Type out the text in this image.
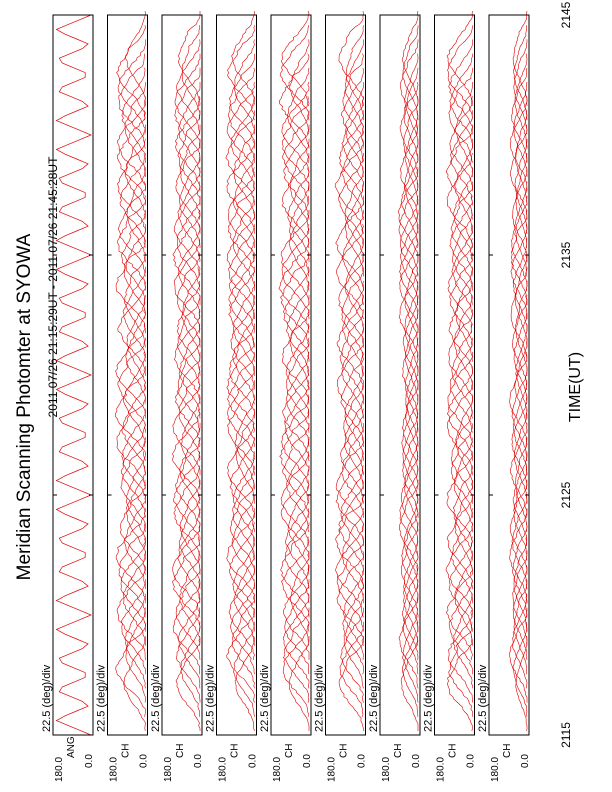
Meridian Scanning Photomter at SYOWA 2011 07/26 21:15:29UT - 2011 07/26 21:45:28UT	TIME(UT)
2115
2125
2135
2145
180.0 0.0
ANG
22.5 (deg)/div
180.0 0.0
CH
22.5 (deg)/div
180.0 0.0
CH
22.5 (deg)/div
180.0 0.0
CH
22.5 (deg)/div
180.0 0.0
CH
22.5 (deg)/div
180.0 0.0
CH
22.5 (deg)/div
180.0 0.0
CH
22.5 (deg)/div
180.0 0.0
CH
22.5 (deg)/div
180.0 0.0
CH
22.5 (deg)/div
